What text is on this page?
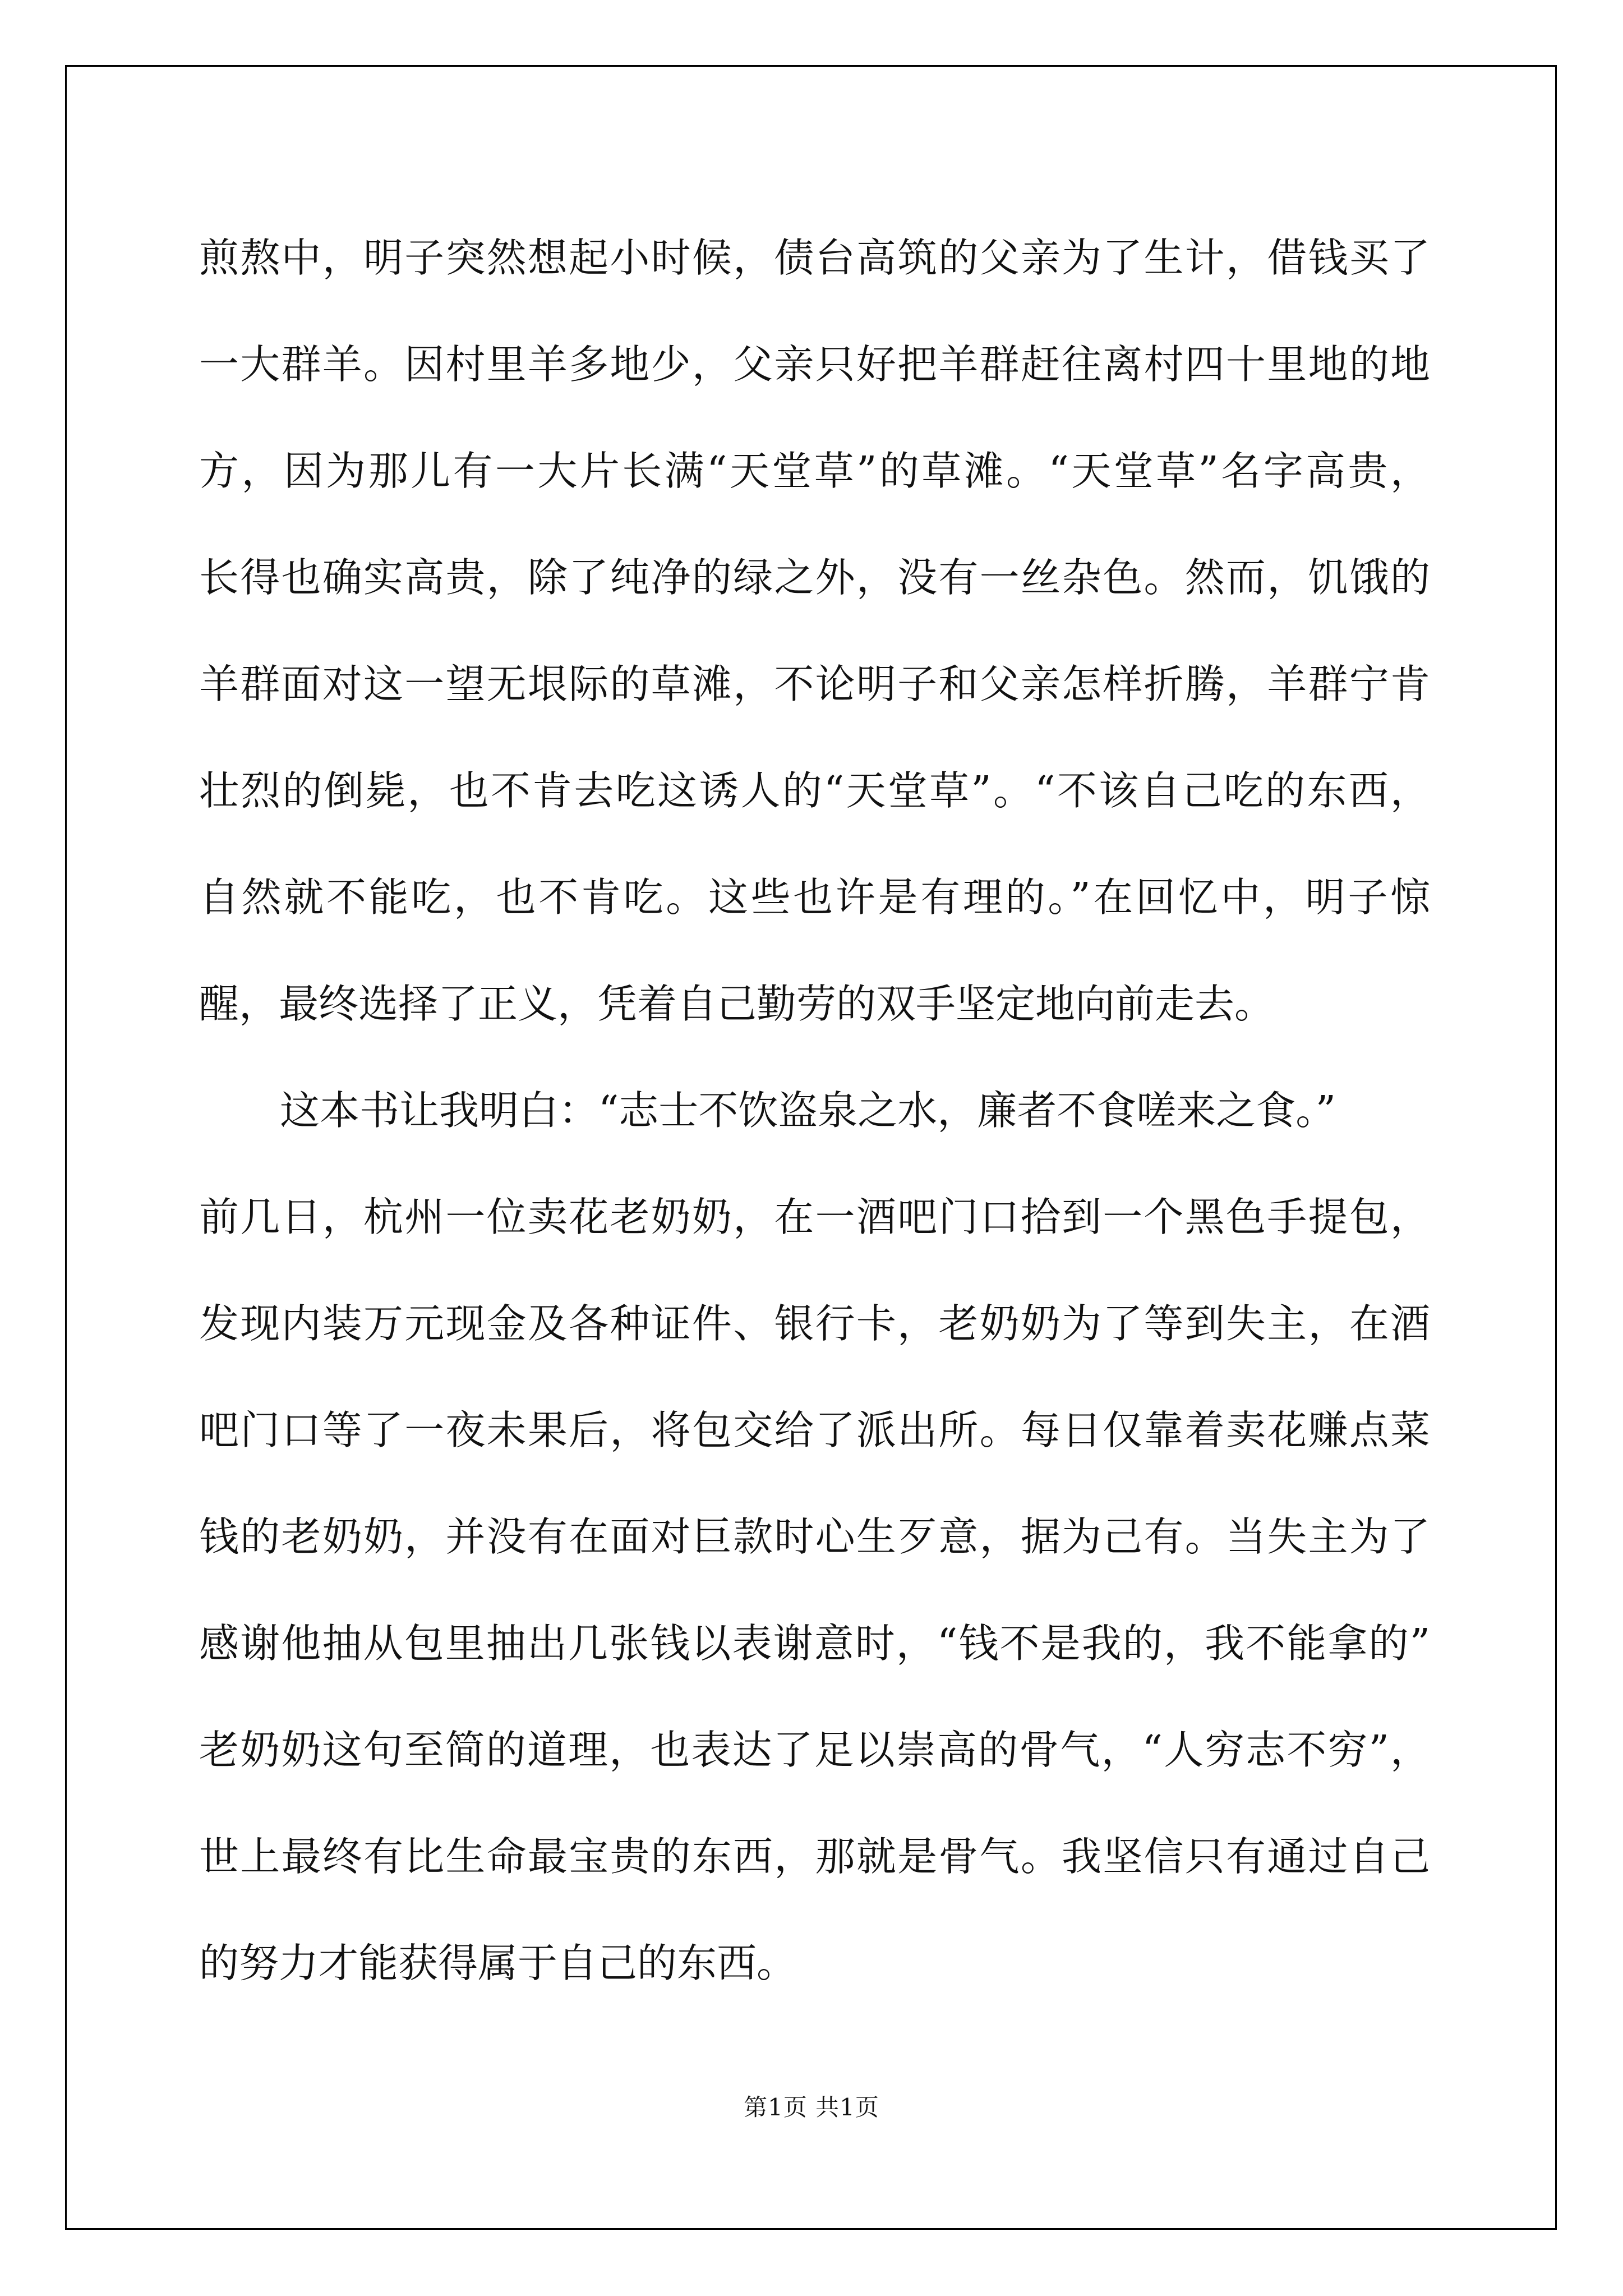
煎熬中，明子突然想起小时候，债台高筑的父亲为了生计，借钱买了
一大群羊。因村里羊多地少，父亲只好把羊群赶往离村四十里地的地
方，因为那儿有一大片长满“天堂草”的草滩。“天堂草”名字高贵，
长得也确实高贵，除了纯净的绿之外，没有一丝杂色。然而，饥饿的
羊群面对这一望无垠际的草滩，不论明子和父亲怎样折腾，羊群宁肯
壮烈的倒毙，也不肯去吃这诱人的“天堂草”。“不该自己吃的东西，
自然就不能吃，也不肯吃。这些也许是有理的。”在回忆中，明子惊
醒，最终选择了正义，凭着自己勤劳的双手坚定地向前走去。
这本书让我明白：“志士不饮盗泉之水，廉者不食嗟来之食。”
前几日，杭州一位卖花老奶奶，在一酒吧门口拾到一个黑色手提包，
发现内装万元现金及各种证件、银行卡，老奶奶为了等到失主，在酒
吧门口等了一夜未果后，将包交给了派出所。每日仅靠着卖花赚点菜
钱的老奶奶，并没有在面对巨款时心生歹意，据为己有。当失主为了
感谢他抽从包里抽出几张钱以表谢意时，“钱不是我的，我不能拿的”
老奶奶这句至简的道理，也表达了足以崇高的骨气，“人穷志不穷”，
世上最终有比生命最宝贵的东西，那就是骨气。我坚信只有通过自己
的努力才能获得属于自己的东西。
第1页 共1页
